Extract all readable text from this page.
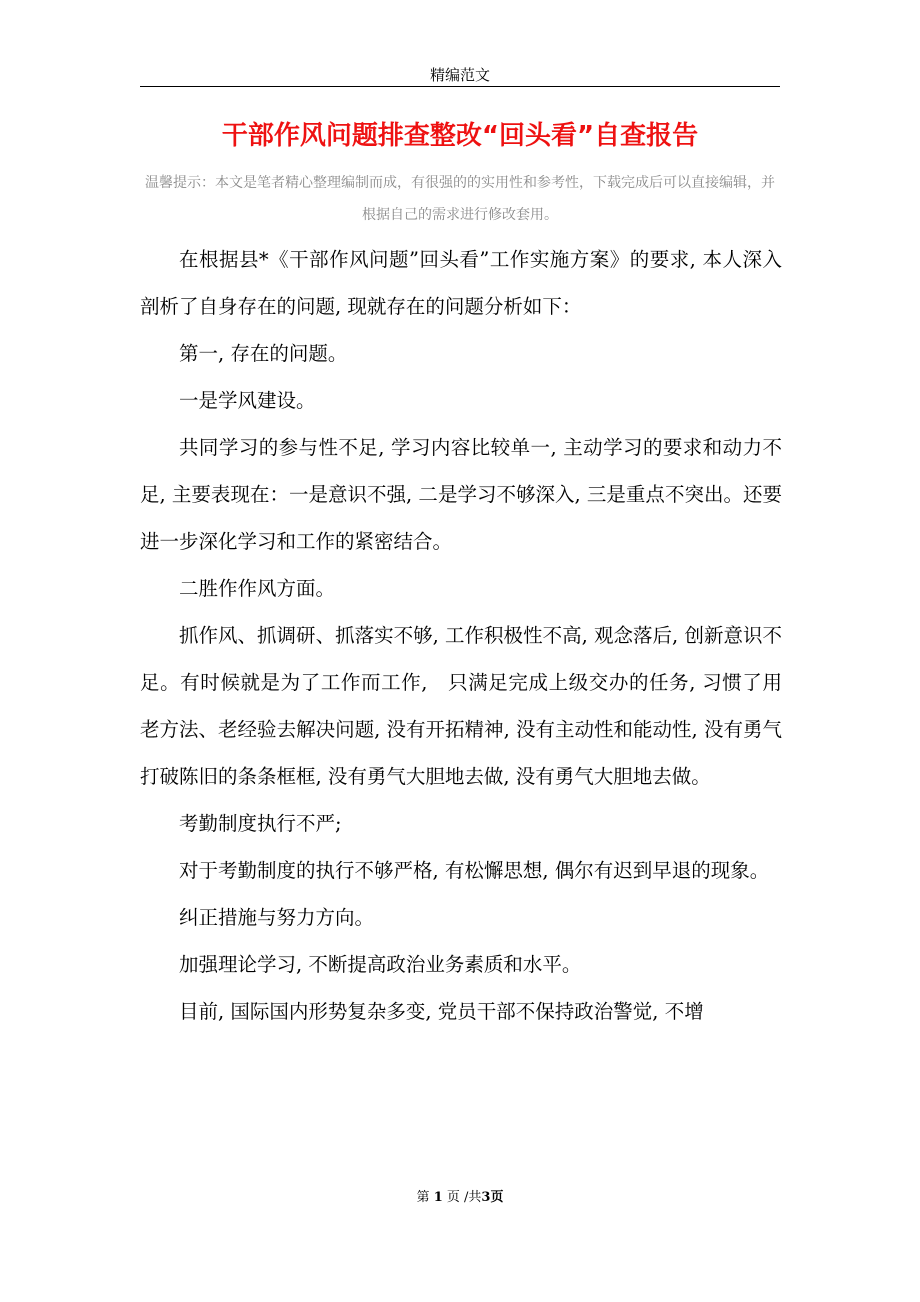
精编范文
干部作风问题排查整改“回头看”自查报告
温馨提示：本文是笔者精心整理编制而成，有很强的的实用性和参考性，下载完成后可以直接编辑，并根据自己的需求进行修改套用。

在根据县*《干部作风问题”回头看”工作实施方案》的要求, 本人深入剖析了自身存在的问题, 现就存在的问题分析如下：

第一, 存在的问题。

一是学风建设。

共同学习的参与性不足, 学习内容比较单一, 主动学习的要求和动力不足, 主要表现在：一是意识不强, 二是学习不够深入, 三是重点不突出。还要进一步深化学习和工作的紧密结合。

二胜作作风方面。

抓作风、抓调研、抓落实不够, 工作积极性不高, 观念落后, 创新意识不足。有时候就是为了工作而工作,　只满足完成上级交办的任务, 习惯了用老方法、老经验去解决问题, 没有开拓精神, 没有主动性和能动性, 没有勇气打破陈旧的条条框框, 没有勇气大胆地去做, 没有勇气大胆地去做。

考勤制度执行不严;

对于考勤制度的执行不够严格, 有松懈思想, 偶尔有迟到早退的现象。

纠正措施与努力方向。

加强理论学习, 不断提高政治业务素质和水平。

目前, 国际国内形势复杂多变, 党员干部不保持政治警觉, 不增

第 1 页 /共3页
